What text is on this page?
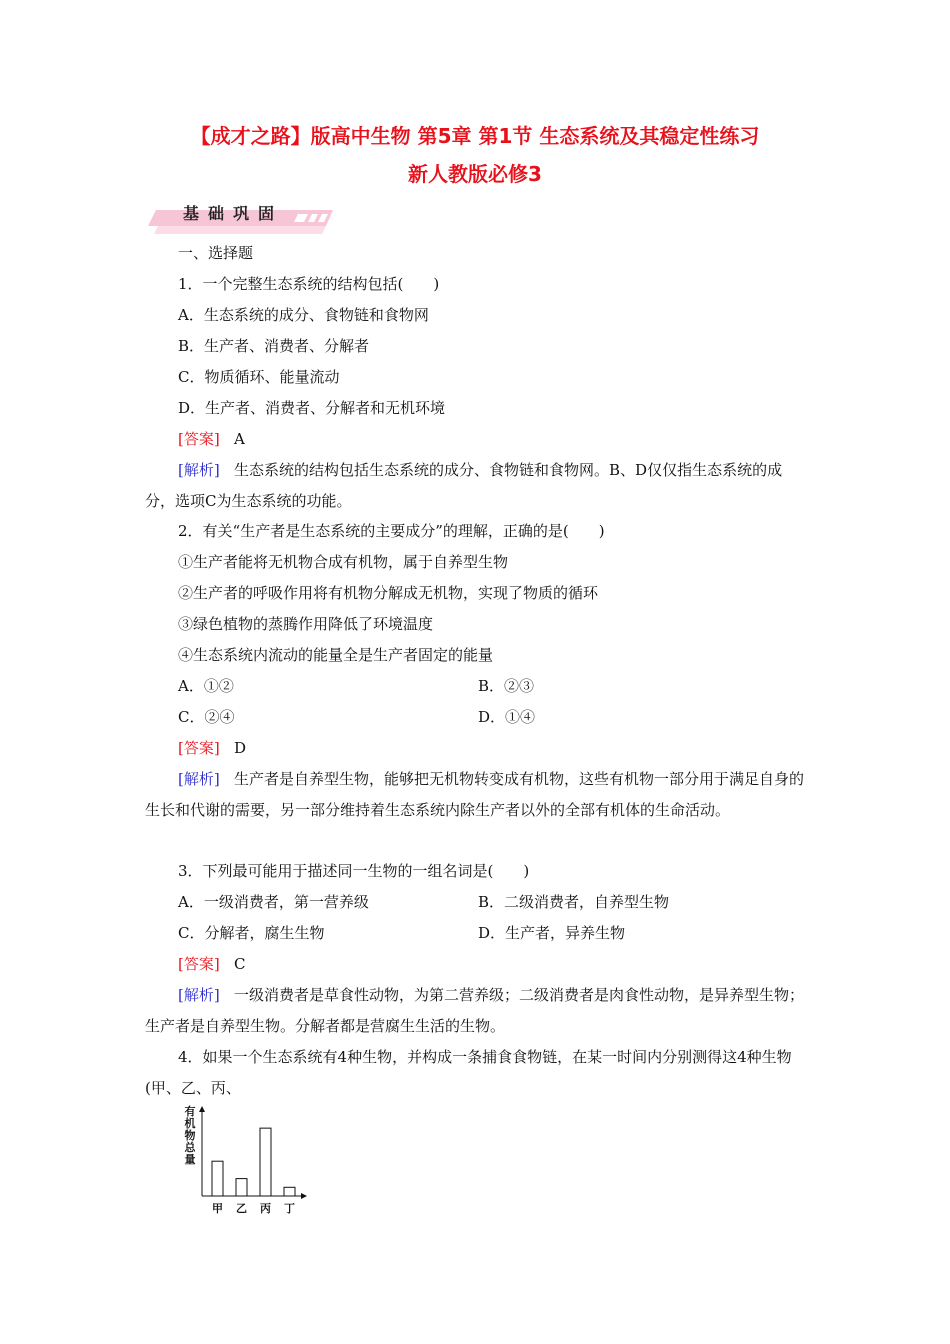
【成才之路】版高中生物 第5章 第1节 生态系统及其稳定性练习
新人教版必修3
基础巩固
一、选择题
1．一个完整生态系统的结构包括(　　)
A．生态系统的成分、食物链和食物网
B．生产者、消费者、分解者
C．物质循环、能量流动
D．生产者、消费者、分解者和无机环境
[答案] A
[解析] 生态系统的结构包括生态系统的成分、食物链和食物网。B、D仅仅指生态系统的成分，选项C为生态系统的功能。
2．有关“生产者是生态系统的主要成分”的理解，正确的是(　　)
①生产者能将无机物合成有机物，属于自养型生物
②生产者的呼吸作用将有机物分解成无机物，实现了物质的循环
③绿色植物的蒸腾作用降低了环境温度
④生态系统内流动的能量全是生产者固定的能量
A．①②	B．②③
C．②④	D．①④
[答案] D
[解析] 生产者是自养型生物，能够把无机物转变成有机物，这些有机物一部分用于满足自身的生长和代谢的需要，另一部分维持着生态系统内除生产者以外的全部有机体的生命活动。
3．下列最可能用于描述同一生物的一组名词是(　　)
A．一级消费者，第一营养级	B．二级消费者，自养型生物
C．分解者，腐生生物	D．生产者，异养生物
[答案] C
[解析] 一级消费者是草食性动物，为第二营养级；二级消费者是肉食性动物，是异养型生物；生产者是自养型生物。分解者都是营腐生生活的生物。
4．如果一个生态系统有4种生物，并构成一条捕食食物链，在某一时间内分别测得这4种生物(甲、乙、丙、
有机物总量
甲 乙 丙 丁
